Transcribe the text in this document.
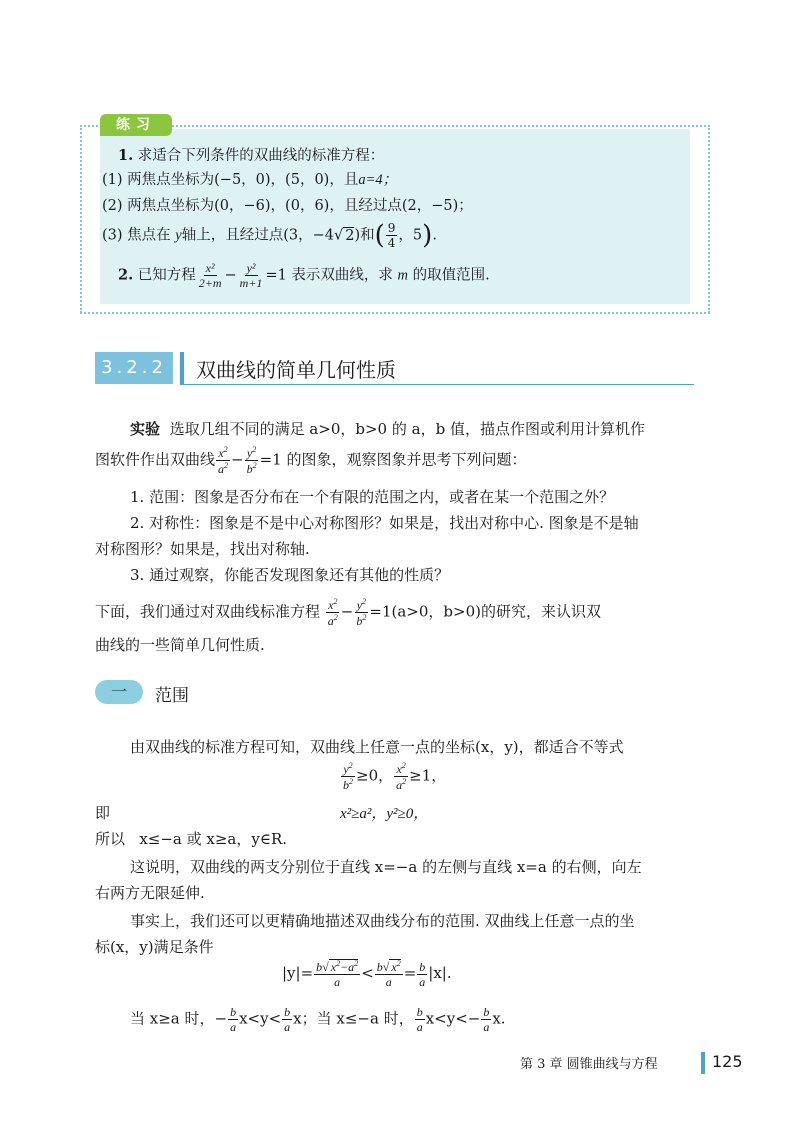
练习
1. 求适合下列条件的双曲线的标准方程：
(1) 两焦点坐标为(−5，0)，(5，0)，且a=4；
(2) 两焦点坐标为(0，−6)，(0，6)，且经过点(2，−5)；
(3) 焦点在 y轴上，且经过点(3，−4√ 2)和( $\frac{9}{4}$ ，5).
2. 已知方程 $\frac{\text{x²}}{2+m} - \frac{\text{y²}}{m+1} =1$ 表示双曲线，求 m 的取值范围.
3.2.2	双曲线的简单几何性质
实验 选取几组不同的满足 a>0，b>0 的 a，b 值，描点作图或利用计算机作
图软件作出双曲线 $\frac{x^2}{a^2} - \frac{y^2}{b^2} =1$ 的图象，观察图象并思考下列问题：
1. 范围：图象是否分布在一个有限的范围之内，或者在某一个范围之外？
2. 对称性：图象是不是中心对称图形？如果是，找出对称中心. 图象是不是轴
对称图形？如果是，找出对称轴.
3. 通过观察，你能否发现图象还有其他的性质？
下面，我们通过对双曲线标准方程 $\frac{x^2}{a^2} - \frac{y^2}{b^2} =1(a>0$，b>0)的研究，来认识双
曲线的一些简单几何性质.
一	范围
由双曲线的标准方程可知，双曲线上任意一点的坐标(x，y)，都适合不等式
$\frac{y^2}{b^2} \ge 0$， $\frac{x^2}{a^2} \ge 1$，
即	x²≥a²，y²≥0，
所以 x≤−a 或 x≥a，y∈R.
这说明，双曲线的两支分别位于直线 x=−a 的左侧与直线 x=a 的右侧，向左
右两方无限延伸.
事实上，我们还可以更精确地描述双曲线分布的范围. 双曲线上任意一点的坐
标(x，y)满足条件
$|y|= \frac{b√ x^2-a^2}{a} < \frac{b√ x^2}{a} = \frac{b}{a} |x|$.
当 x≥a 时，− $\frac{b}{a} x<y< \frac{b}{a}$ x；当 x≤−a 时， $\frac{b}{a} x<y<- \frac{b}{a} x$.
第 3 章 圆锥曲线与方程	125
